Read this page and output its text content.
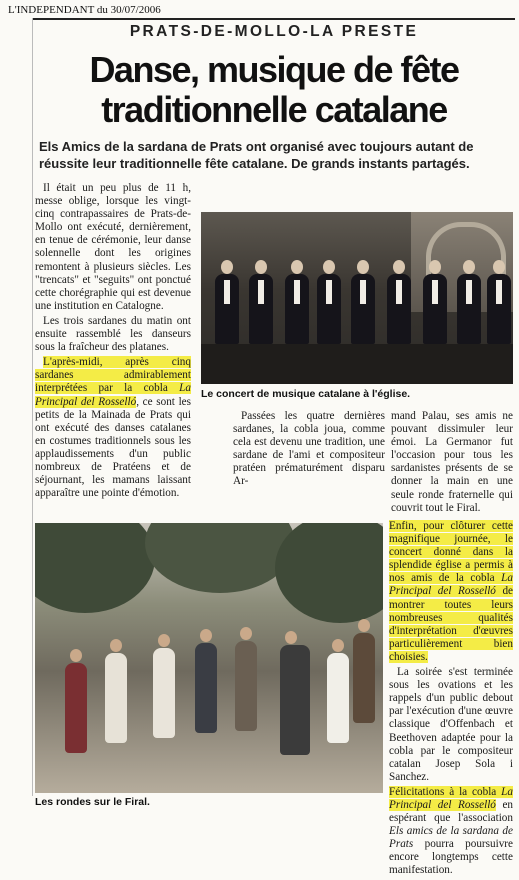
L'INDEPENDANT du 30/07/2006
PRATS-DE-MOLLO-LA PRESTE
Danse, musique de fête traditionnelle catalane
Els Amics de la sardana de Prats ont organisé avec toujours autant de réussite leur traditionnelle fête catalane. De grands instants partagés.

Il était un peu plus de 11 h, messe oblige, lorsque les vingt-cinq contrapassaires de Prats-de-Mollo ont exécuté, dernièrement, en tenue de cérémonie, leur danse solennelle dont les origines remontent à plusieurs siècles. Les "trencats" et "seguits" ont ponctué cette chorégraphie qui est devenue une institution en Catalogne.

Les trois sardanes du matin ont ensuite rassemblé les danseurs sous la fraîcheur des platanes.

L'après-midi, après cinq sardanes admirablement interprétées par la cobla La Principal del Rosselló, ce sont les petits de la Mainada de Prats qui ont exécuté des danses catalanes en costumes traditionnels sous les applaudissements d'un public nombreux de Pratéens et de séjournant, les mamans laissant apparaître une pointe d'émotion.

Le concert de musique catalane à l'église.

Passées les quatre dernières sardanes, la cobla joua, comme cela est devenu une tradition, une sardane de l'ami et compositeur pratéen prématurément disparu Ar-

mand Palau, ses amis ne pouvant dissimuler leur émoi. La Germanor fut l'occasion pour tous les sardanistes présents de se donner la main en une seule ronde fraternelle qui couvrit tout le Firal.

Les rondes sur le Firal.

Enfin, pour clôturer cette magnifique journée, le concert donné dans la splendide église a permis à nos amis de la cobla La Principal del Rosselló de montrer toutes leurs nombreuses qualités d'interprétation d'œuvres particulièrement bien choisies.

La soirée s'est terminée sous les ovations et les rappels d'un public debout par l'exécution d'une œuvre classique d'Offenbach et Beethoven adaptée pour la cobla par le compositeur catalan Josep Sola i Sanchez.

Félicitations à la cobla La Principal del Rosselló en espérant que l'association Els amics de la sardana de Prats pourra poursuivre encore longtemps cette manifestation.
